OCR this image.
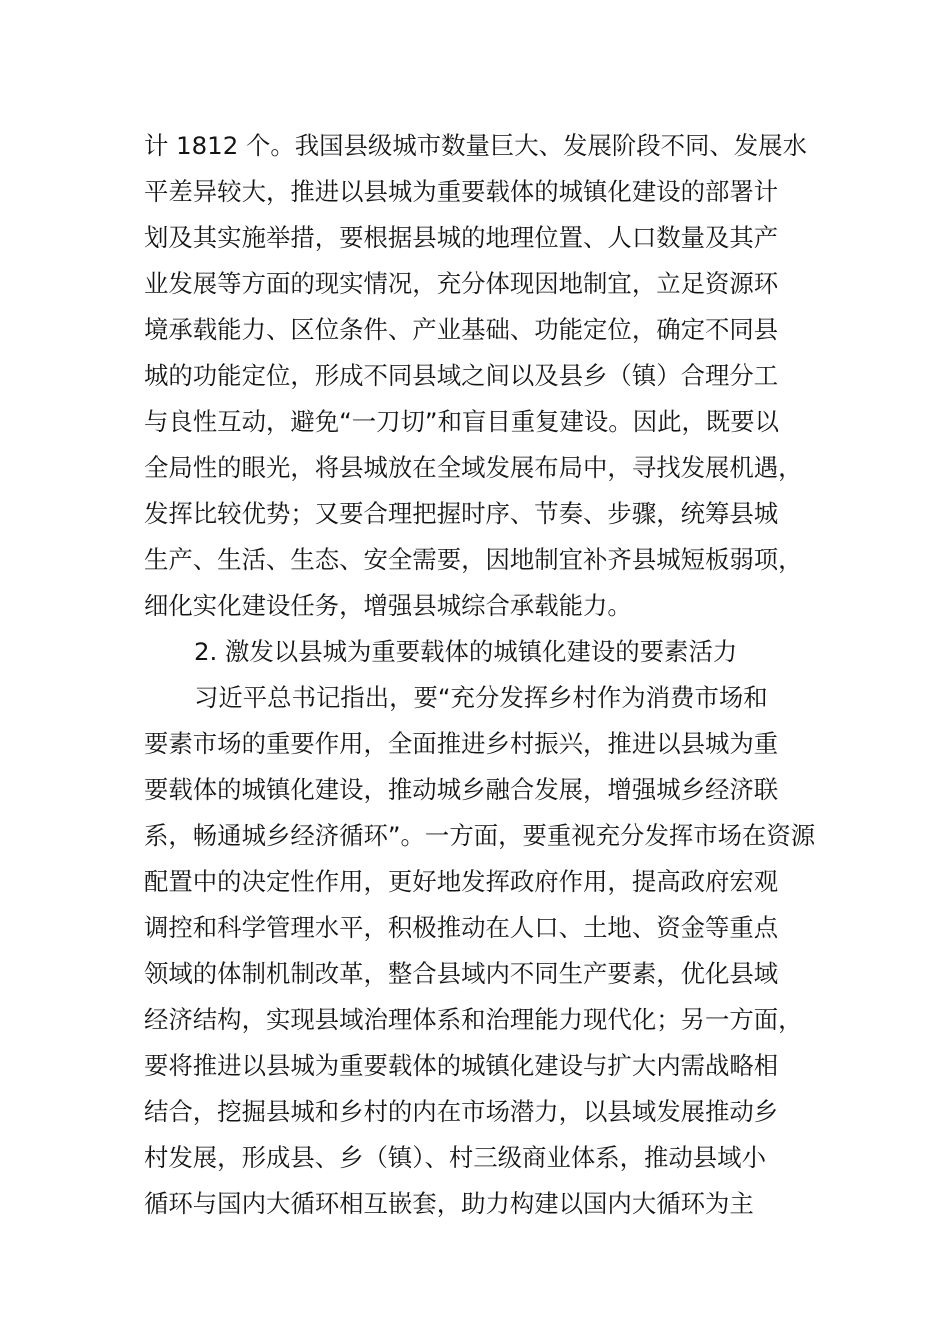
计 1812 个。我国县级城市数量巨大、发展阶段不同、发展水
平差异较大，推进以县城为重要载体的城镇化建设的部署计
划及其实施举措，要根据县城的地理位置、人口数量及其产
业发展等方面的现实情况，充分体现因地制宜，立足资源环
境承载能力、区位条件、产业基础、功能定位，确定不同县
城的功能定位，形成不同县域之间以及县乡（镇）合理分工
与良性互动，避免“一刀切”和盲目重复建设。因此，既要以
全局性的眼光，将县城放在全域发展布局中，寻找发展机遇，
发挥比较优势；又要合理把握时序、节奏、步骤，统筹县城
生产、生活、生态、安全需要，因地制宜补齐县城短板弱项，
细化实化建设任务，增强县城综合承载能力。
2. 激发以县城为重要载体的城镇化建设的要素活力
习近平总书记指出，要“充分发挥乡村作为消费市场和
要素市场的重要作用，全面推进乡村振兴，推进以县城为重
要载体的城镇化建设，推动城乡融合发展，增强城乡经济联
系，畅通城乡经济循环”。一方面，要重视充分发挥市场在资源
配置中的决定性作用，更好地发挥政府作用，提高政府宏观
调控和科学管理水平，积极推动在人口、土地、资金等重点
领域的体制机制改革，整合县域内不同生产要素，优化县域
经济结构，实现县域治理体系和治理能力现代化；另一方面，
要将推进以县城为重要载体的城镇化建设与扩大内需战略相
结合，挖掘县城和乡村的内在市场潜力，以县域发展推动乡
村发展，形成县、乡（镇）、村三级商业体系，推动县域小
循环与国内大循环相互嵌套，助力构建以国内大循环为主
